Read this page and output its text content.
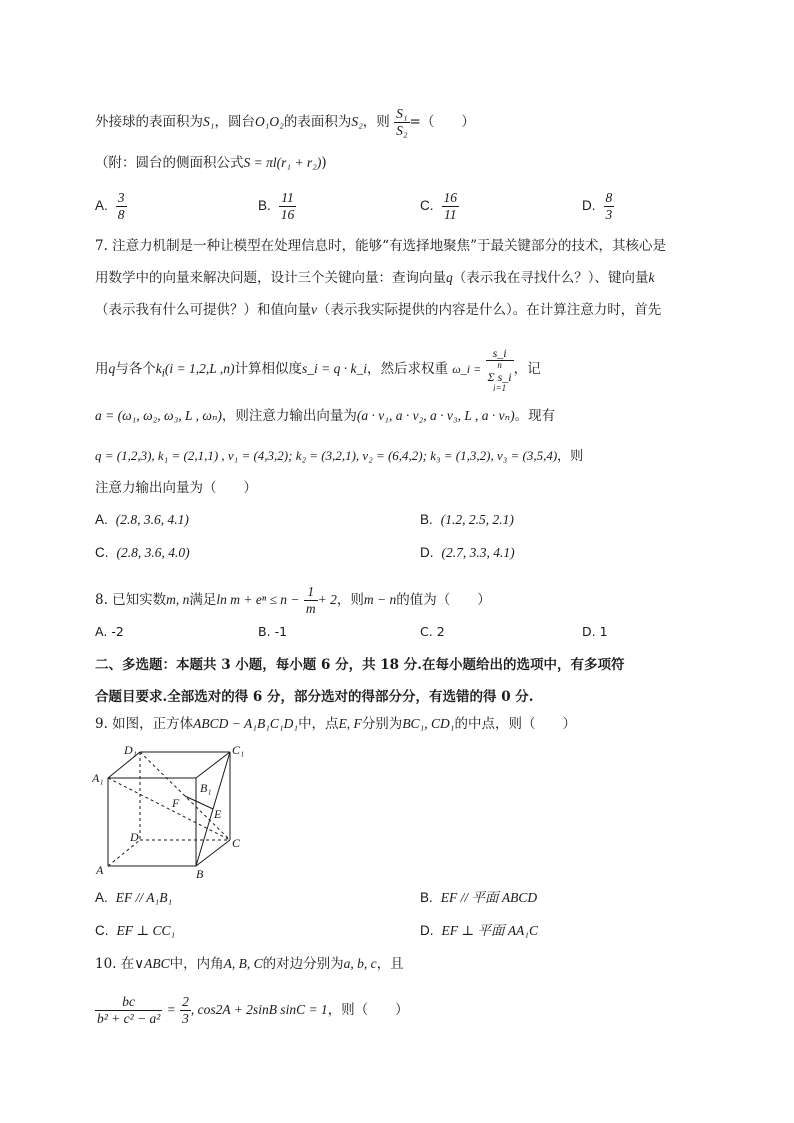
外接球的表面积为S₁，圆台O₁O₂的表面积为S₂，则 $\frac{\text{S₁}}{\text{S₂}}$ =（　　）
（附：圆台的侧面积公式S = πl(r₁ + r₂))
A. $\frac{3}{8}$	B. $\frac{11}{16}$	C. $\frac{16}{11}$	D. $\frac{8}{3}$
7. 注意力机制是一种让模型在处理信息时，能够“有选择地聚焦”于最关键部分的技术，其核心是
用数学中的向量来解决问题，设计三个关键向量：查询向量q（表示我在寻找什么？）、键向量k
（表示我有什么可提供？）和值向量v（表示我实际提供的内容是什么）。在计算注意力时，首先
用q与各个$k_i(i = 1,2,L$ ,n)计算相似度s_i = q · k_i，然后求权重 ω_i = s_i
n
Σ s_i
i=1 ，记
a = (ω₁, ω₂, ω₃, L , ωₙ)，则注意力输出向量为(a · v₁, a · v₂, a · v₃, L , a · vₙ)。现有
q = (1,2,3), k₁ = (2,1,1) , v₁ = (4,3,2); k₂ = (3,2,1), v₂ = (6,4,2); k₃ = (1,3,2), v₃ = (3,5,4)，则
注意力输出向量为（　　）
A. (2.8, 3.6, 4.1)	B. (1.2, 2.5, 2.1)
C. (2.8, 3.6, 4.0)	D. (2.7, 3.3, 4.1)
8. 已知实数m, n满足$\ln m + e^n \le n - \frac{1}{m} + 2$，则m − n的值为（　　）
A. -2	B. -1	C. 2	D. 1
二、多选题：本题共 3 小题，每小题 6 分，共 18 分.在每小题给出的选项中，有多项符
合题目要求.全部选对的得 6 分，部分选对的得部分分，有选错的得 0 分.
9. 如图，正方体ABCD − A₁B₁C₁D₁中，点E, F分别为BC₁, CD₁的中点，则（　　）
D₁	C₁
A₁
B₁
F
E
D	C
A	B
A. EF // A₁B₁	B. EF // 平面 ABCD
C. EF ⊥ CC₁	D. EF ⊥ 平面 AA₁C
10. 在∨ABC中，内角A, B, C的对边分别为a, b, c，且
$\frac{bc}{\text{b² + c² − a²}} = \frac{2}{3}$ , cos2A + 2sinB sinC = 1，则（　　）
